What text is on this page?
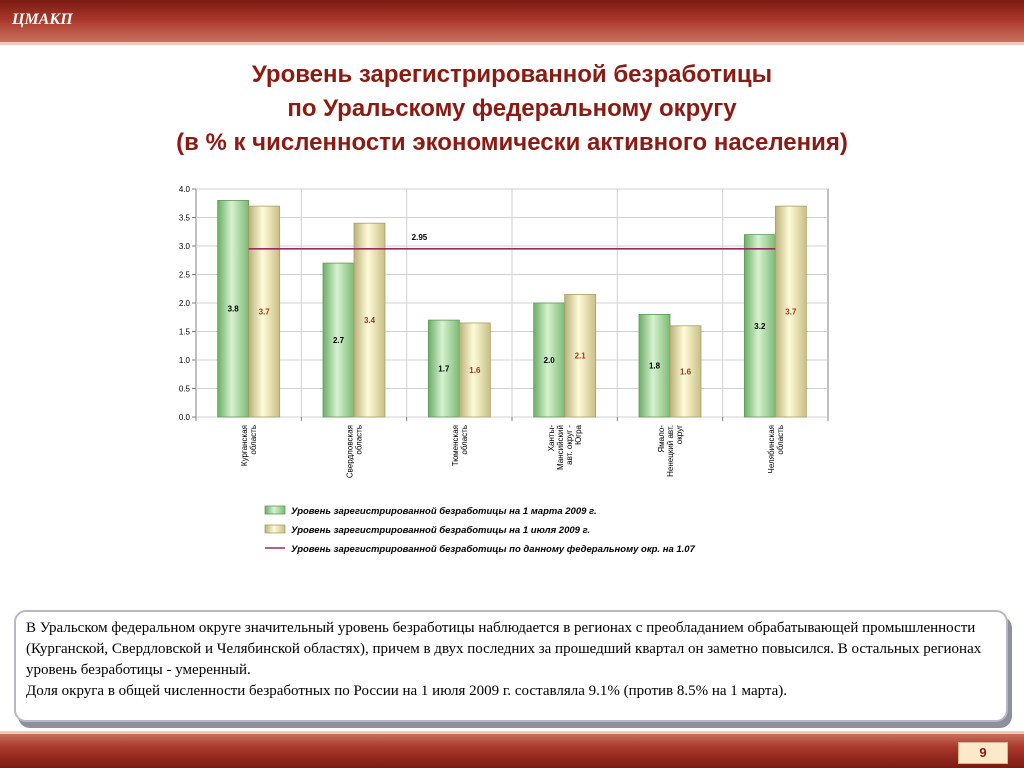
ЦМАКП
Уровень зарегистрированной безработицы
по Уральскому федеральному округу
(в % к численности экономически активного населения)
0.0
0.5
1.0
1.5
2.0
2.5
3.0
3.5
4.0
3.8 3.7
Курганская область
2.7
3.4
Свердловская область
1.7 1.6
Тюменская область
2.0 2.1
Ханты- Мансийский авт. округ - Югра
1.8
1.6
Ямало- Ненецкий авт. округ
3.2
3.7
Челябинская область
2.95
Уровень зарегистрированной безработицы на 1 марта 2009 г.
Уровень зарегистрированной безработицы на 1 июля 2009 г.
Уровень зарегистрированной безработицы по данному федеральному окр. на 1.07

В Уральском федеральном округе значительный уровень безработицы наблюдается в регионах с преобладанием обрабатывающей промышленности (Курганской, Свердловской и Челябинской областях), причем в двух последних за прошедший квартал он заметно повысился. В остальных регионах уровень безработицы - умеренный.

Доля округа в общей численности безработных по России на 1 июля 2009 г. составляла 9.1% (против 8.5% на 1 марта).

9
